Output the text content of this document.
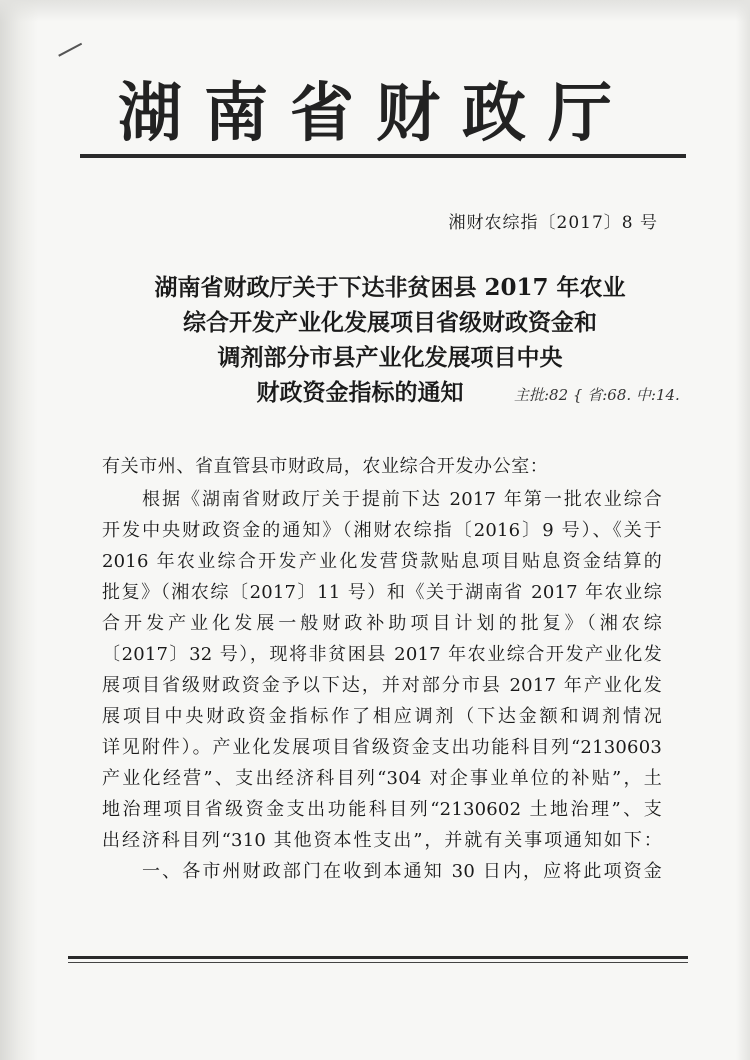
湖南省财政厅
湘财农综指〔2017〕8 号
湖南省财政厅关于下达非贫困县 2017 年农业
综合开发产业化发展项目省级财政资金和
调剂部分市县产业化发展项目中央
财政资金指标的通知	主批:82 { 省:68. 中:14.
有关市州、省直管县市财政局，农业综合开发办公室：
根据《湖南省财政厅关于提前下达 2017 年第一批农业综合
开发中央财政资金的通知》（湘财农综指〔2016〕9 号）、《关于
2016 年农业综合开发产业化发营贷款贴息项目贴息资金结算的
批复》（湘农综〔2017〕11 号）和《关于湖南省 2017 年农业综
合开发产业化发展一般财政补助项目计划的批复》（湘农综
〔2017〕32 号），现将非贫困县 2017 年农业综合开发产业化发
展项目省级财政资金予以下达，并对部分市县 2017 年产业化发
展项目中央财政资金指标作了相应调剂（下达金额和调剂情况
详见附件）。产业化发展项目省级资金支出功能科目列“2130603
产业化经营”、支出经济科目列“304 对企事业单位的补贴”，土
地治理项目省级资金支出功能科目列“2130602 土地治理”、支
出经济科目列“310 其他资本性支出”，并就有关事项通知如下：
一、各市州财政部门在收到本通知 30 日内，应将此项资金
